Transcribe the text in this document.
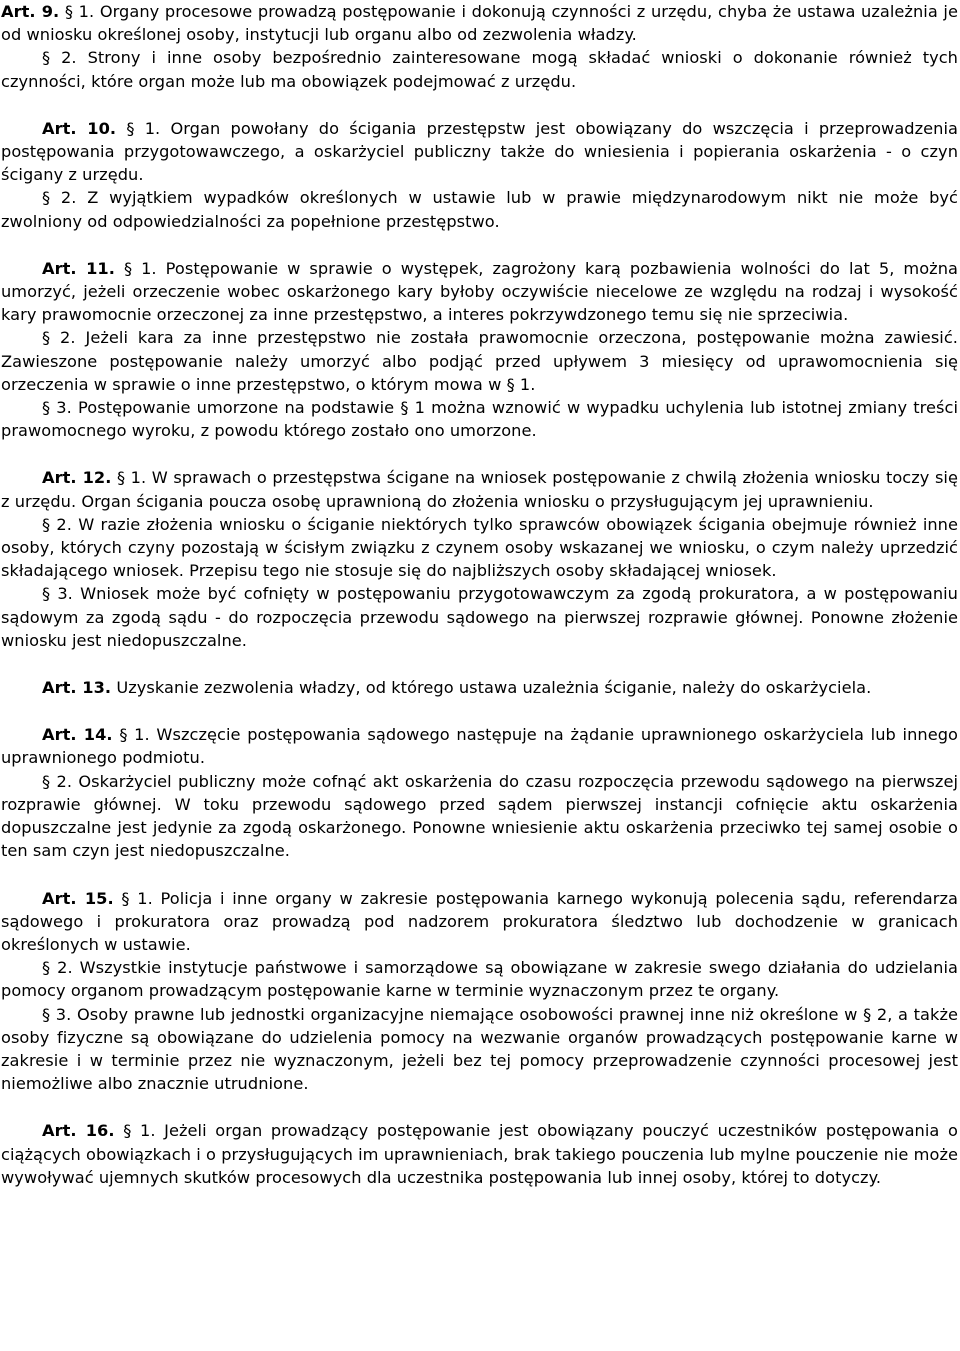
Art. 9. § 1. Organy procesowe prowadzą postępowanie i dokonują czynności z urzędu, chyba że ustawa uzależnia je od wniosku określonej osoby, instytucji lub organu albo od zezwolenia władzy.

§ 2. Strony i inne osoby bezpośrednio zainteresowane mogą składać wnioski o dokonanie również tych czynności, które organ może lub ma obowiązek podejmować z urzędu.

Art. 10. § 1. Organ powołany do ścigania przestępstw jest obowiązany do wszczęcia i przeprowadzenia postępowania przygotowawczego, a oskarżyciel publiczny także do wniesienia i popierania oskarżenia - o czyn ścigany z urzędu.

§ 2. Z wyjątkiem wypadków określonych w ustawie lub w prawie międzynarodowym nikt nie może być zwolniony od odpowiedzialności za popełnione przestępstwo.

Art. 11. § 1. Postępowanie w sprawie o występek, zagrożony karą pozbawienia wolności do lat 5, można umorzyć, jeżeli orzeczenie wobec oskarżonego kary byłoby oczywiście niecelowe ze względu na rodzaj i wysokość kary prawomocnie orzeczonej za inne przestępstwo, a interes pokrzywdzonego temu się nie sprzeciwia.

§ 2. Jeżeli kara za inne przestępstwo nie została prawomocnie orzeczona, postępowanie można zawiesić. Zawieszone postępowanie należy umorzyć albo podjąć przed upływem 3 miesięcy od uprawomocnienia się orzeczenia w sprawie o inne przestępstwo, o którym mowa w § 1.

§ 3. Postępowanie umorzone na podstawie § 1 można wznowić w wypadku uchylenia lub istotnej zmiany treści prawomocnego wyroku, z powodu którego zostało ono umorzone.

Art. 12. § 1. W sprawach o przestępstwa ścigane na wniosek postępowanie z chwilą złożenia wniosku toczy się z urzędu. Organ ścigania poucza osobę uprawnioną do złożenia wniosku o przysługującym jej uprawnieniu.

§ 2. W razie złożenia wniosku o ściganie niektórych tylko sprawców obowiązek ścigania obejmuje również inne osoby, których czyny pozostają w ścisłym związku z czynem osoby wskazanej we wniosku, o czym należy uprzedzić składającego wniosek. Przepisu tego nie stosuje się do najbliższych osoby składającej wniosek.

§ 3. Wniosek może być cofnięty w postępowaniu przygotowawczym za zgodą prokuratora, a w postępowaniu sądowym za zgodą sądu - do rozpoczęcia przewodu sądowego na pierwszej rozprawie głównej. Ponowne złożenie wniosku jest niedopuszczalne.

Art. 13. Uzyskanie zezwolenia władzy, od którego ustawa uzależnia ściganie, należy do oskarżyciela.

Art. 14. § 1. Wszczęcie postępowania sądowego następuje na żądanie uprawnionego oskarżyciela lub innego uprawnionego podmiotu.

§ 2. Oskarżyciel publiczny może cofnąć akt oskarżenia do czasu rozpoczęcia przewodu sądowego na pierwszej rozprawie głównej. W toku przewodu sądowego przed sądem pierwszej instancji cofnięcie aktu oskarżenia dopuszczalne jest jedynie za zgodą oskarżonego. Ponowne wniesienie aktu oskarżenia przeciwko tej samej osobie o ten sam czyn jest niedopuszczalne.

Art. 15. § 1. Policja i inne organy w zakresie postępowania karnego wykonują polecenia sądu, referendarza sądowego i prokuratora oraz prowadzą pod nadzorem prokuratora śledztwo lub dochodzenie w granicach określonych w ustawie.

§ 2. Wszystkie instytucje państwowe i samorządowe są obowiązane w zakresie swego działania do udzielania pomocy organom prowadzącym postępowanie karne w terminie wyznaczonym przez te organy.

§ 3. Osoby prawne lub jednostki organizacyjne niemające osobowości prawnej inne niż określone w § 2, a także osoby fizyczne są obowiązane do udzielenia pomocy na wezwanie organów prowadzących postępowanie karne w zakresie i w terminie przez nie wyznaczonym, jeżeli bez tej pomocy przeprowadzenie czynności procesowej jest niemożliwe albo znacznie utrudnione.

Art. 16. § 1. Jeżeli organ prowadzący postępowanie jest obowiązany pouczyć uczestników postępowania o ciążących obowiązkach i o przysługujących im uprawnieniach, brak takiego pouczenia lub mylne pouczenie nie może wywoływać ujemnych skutków procesowych dla uczestnika postępowania lub innej osoby, której to dotyczy.
